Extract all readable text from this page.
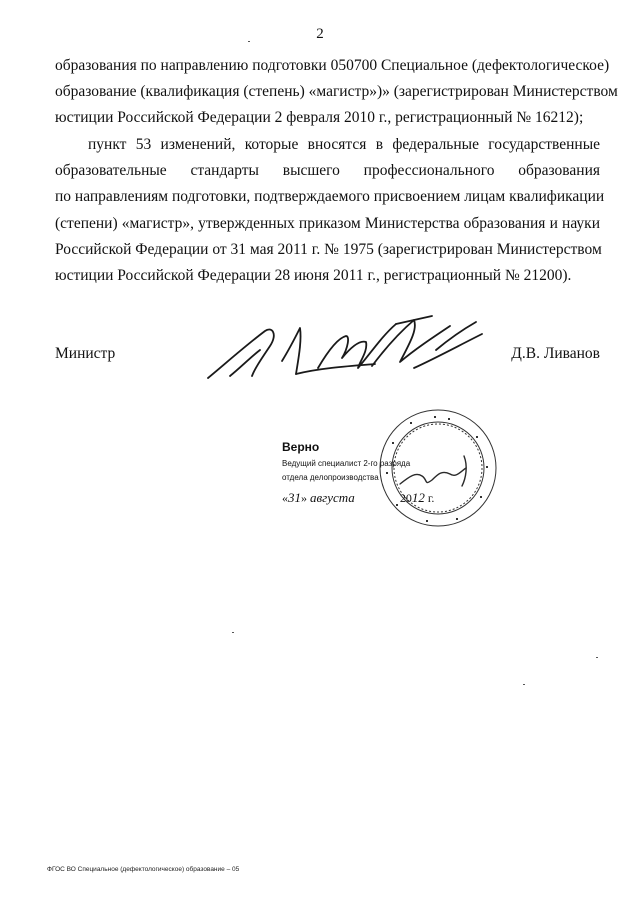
2
образования по направлению подготовки 050700 Специальное (дефектологическое)
образование (квалификация (степень) «магистр»)» (зарегистрирован Министерством
юстиции Российской Федерации 2 февраля 2010 г., регистрационный № 16212);
пункт 53 изменений, которые вносятся в федеральные государственные
образовательные стандарты высшего профессионального образования
по направлениям подготовки, подтверждаемого присвоением лицам квалификации
(степени) «магистр», утвержденных приказом Министерства образования и науки
Российской Федерации от 31 мая 2011 г. № 1975 (зарегистрирован Министерством
юстиции Российской Федерации 28 июня 2011 г., регистрационный № 21200).
Министр	Д.В. Ливанов
Верно
Ведущий специалист 2-го разряда
отдела делопроизводства
«31» августа	2012 г.
ФГОС ВО Специальное (дефектологическое) образование – 05
